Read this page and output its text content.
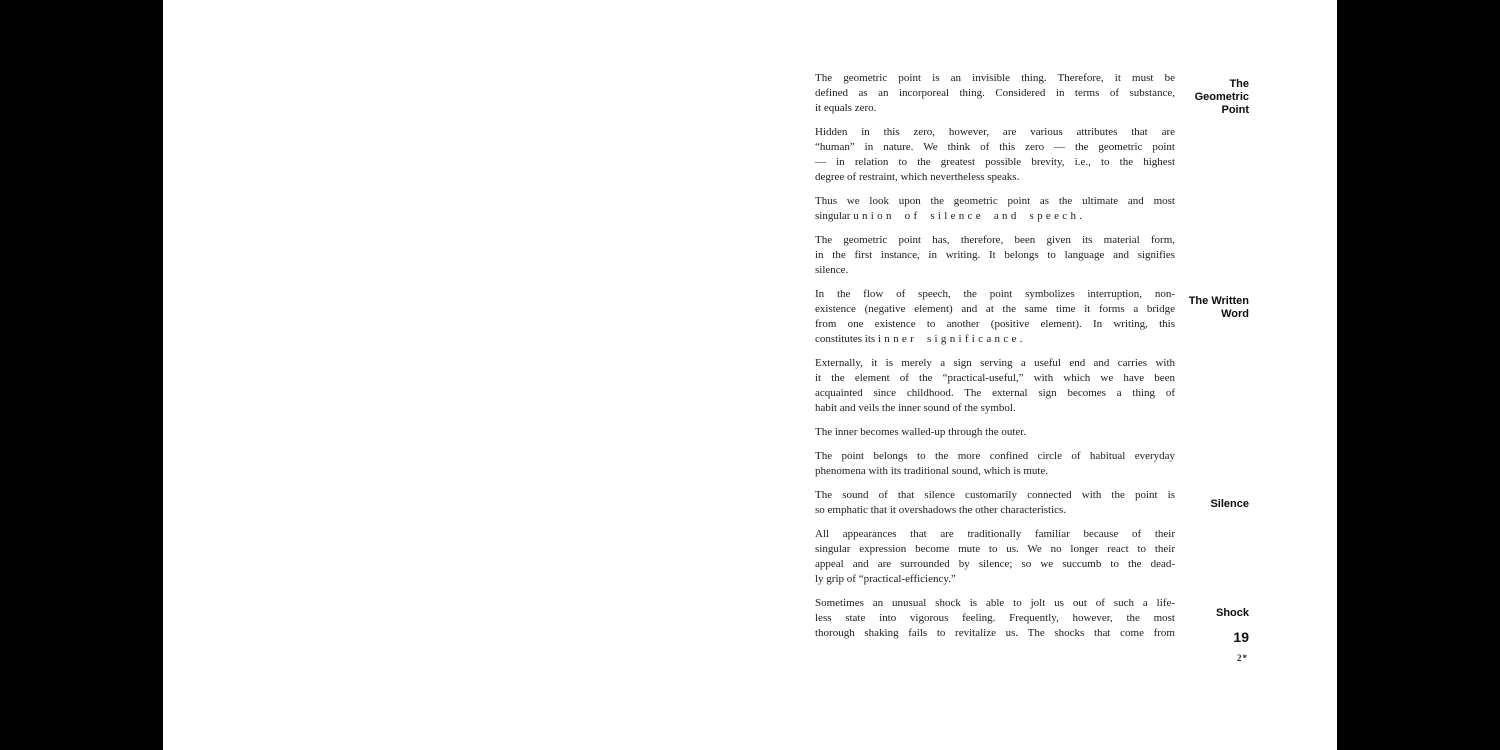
The geometric point is an invisible thing. Therefore, it must be
defined as an incorporeal thing. Considered in terms of substance,
it equals zero.
Hidden in this zero, however, are various attributes that are
“human” in nature. We think of this zero — the geometric point
— in relation to the greatest possible brevity, i.e., to the highest
degree of restraint, which nevertheless speaks.
Thus we look upon the geometric point as the ultimate and most
singular union of silence and speech.
The geometric point has, therefore, been given its material form,
in the first instance, in writing. It belongs to language and signifies
silence.
In the flow of speech, the point symbolizes interruption, non-
existence (negative element) and at the same time it forms a bridge
from one existence to another (positive element). In writing, this
constitutes its inner significance.
Externally, it is merely a sign serving a useful end and carries with
it the element of the “practical-useful,” with which we have been
acquainted since childhood. The external sign becomes a thing of
habit and veils the inner sound of the symbol.
The inner becomes walled-up through the outer.
The point belongs to the more confined circle of habitual everyday
phenomena with its traditional sound, which is mute.
The sound of that silence customarily connected with the point is
so emphatic that it overshadows the other characteristics.
All appearances that are traditionally familiar because of their
singular expression become mute to us. We no longer react to their
appeal and are surrounded by silence; so we succumb to the dead-
ly grip of “practical-efficiency.”
Sometimes an unusual shock is able to jolt us out of such a life-
less state into vigorous feeling. Frequently, however, the most
thorough shaking fails to revitalize us. The shocks that come from
The
Geometric
Point
The Written
Word
Silence
Shock
19
2*
